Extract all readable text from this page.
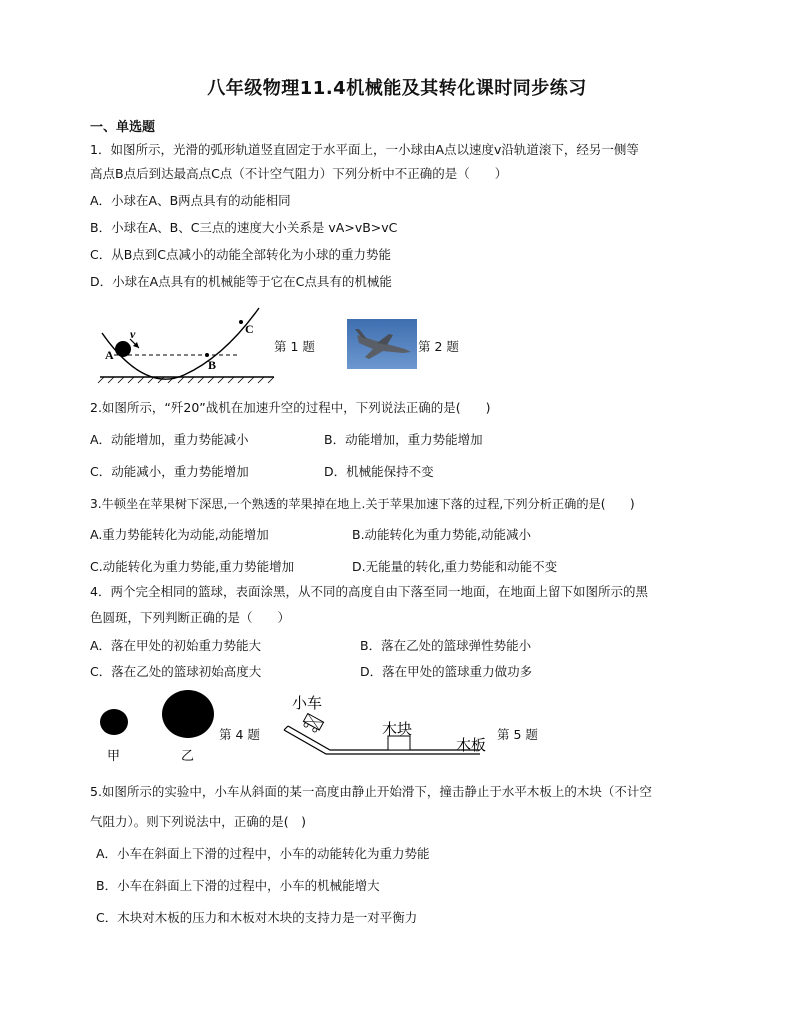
八年级物理11.4机械能及其转化课时同步练习
一、单选题
1．如图所示，光滑的弧形轨道竖直固定于水平面上，一小球由A点以速度v沿轨道滚下，经另一侧等
高点B点后到达最高点C点（不计空气阻力）下列分析中不正确的是（　　）
A．小球在A、B两点具有的动能相同
B．小球在A、B、C三点的速度大小关系是 vA>vB>vC
C．从B点到C点减小的动能全部转化为小球的重力势能
D．小球在A点具有的机械能等于它在C点具有的机械能
v
A
B
C
第 1 题	第 2 题
2.如图所示，“歼20”战机在加速升空的过程中，下列说法正确的是(　　)
A．动能增加，重力势能减小	B．动能增加，重力势能增加
C．动能减小，重力势能增加	D．机械能保持不变
3.牛顿坐在苹果树下深思,一个熟透的苹果掉在地上.关于苹果加速下落的过程,下列分析正确的是(　　)
A.重力势能转化为动能,动能增加	B.动能转化为重力势能,动能减小
C.动能转化为重力势能,重力势能增加	D.无能量的转化,重力势能和动能不变
4．两个完全相同的篮球，表面涂黑，从不同的高度自由下落至同一地面，在地面上留下如图所示的黑
色圆斑，下列判断正确的是（　　）
A．落在甲处的初始重力势能大	B．落在乙处的篮球弹性势能小
C．落在乙处的篮球初始高度大	D．落在甲处的篮球重力做功多
甲	乙
第 4 题
小车
木块
木板
第 5 题
5.如图所示的实验中，小车从斜面的某一高度由静止开始滑下，撞击静止于水平木板上的木块（不计空
气阻力）。则下列说法中，正确的是(　)
A．小车在斜面上下滑的过程中，小车的动能转化为重力势能
B．小车在斜面上下滑的过程中，小车的机械能增大
C．木块对木板的压力和木板对木块的支持力是一对平衡力
